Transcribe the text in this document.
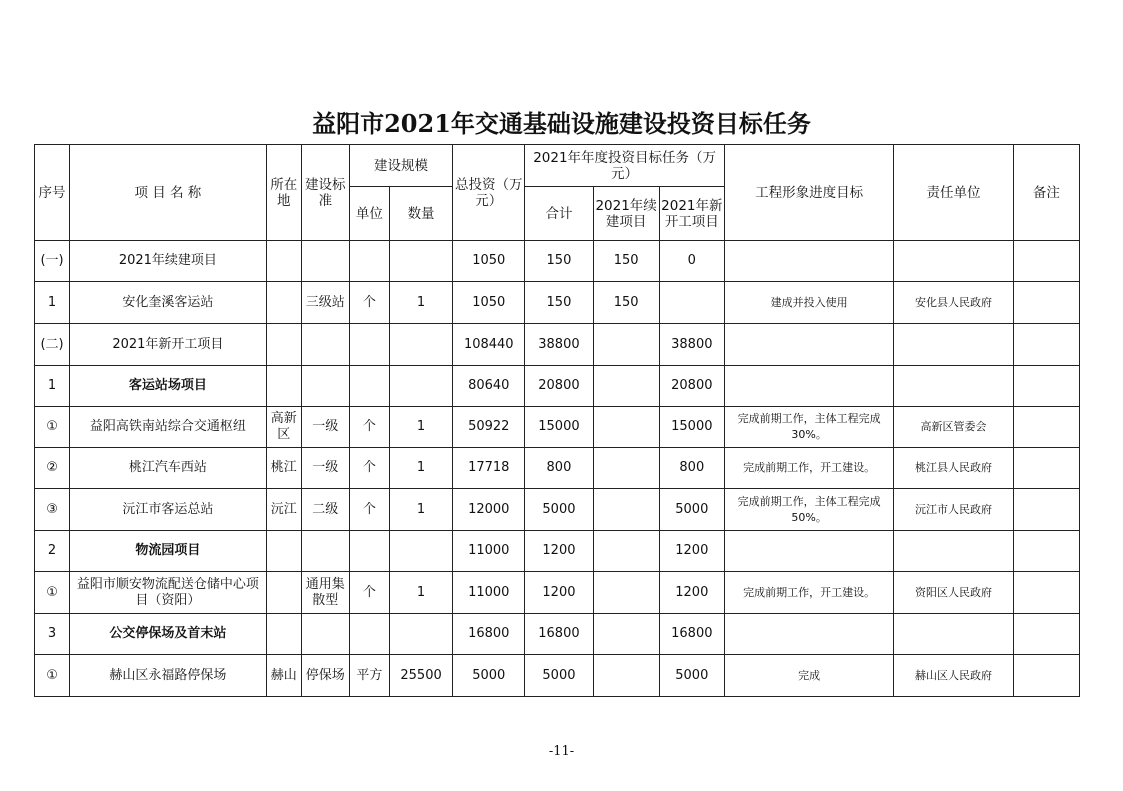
益阳市2021年交通基础设施建设投资目标任务
序号	项 目 名 称	所在地	建设标准	建设规模		总投资（万元）	2021年年度投资目标任务（万元）			工程形象进度目标	责任单位	备注
				单位	数量		合计	2021年续建项目	2021年新开工项目			
(一)	2021年续建项目					1050	150	150	0			
1	安化奎溪客运站		三级站	个	1	1050	150	150		建成并投入使用	安化县人民政府	
(二)	2021年新开工项目					108440	38800		38800			
1	客运站场项目					80640	20800		20800			
①	益阳高铁南站综合交通枢纽	高新区	一级	个	1	50922	15000		15000	完成前期工作，主体工程完成30%。	高新区管委会	
②	桃江汽车西站	桃江	一级	个	1	17718	800		800	完成前期工作，开工建设。	桃江县人民政府	
③	沅江市客运总站	沅江	二级	个	1	12000	5000		5000	完成前期工作，主体工程完成50%。	沅江市人民政府	
2	物流园项目					11000	1200		1200			
①	益阳市顺安物流配送仓储中心项目（资阳）		通用集散型	个	1	11000	1200		1200	完成前期工作，开工建设。	资阳区人民政府	
3	公交停保场及首末站					16800	16800		16800			
①	赫山区永福路停保场	赫山	停保场	平方	25500	5000	5000		5000	完成	赫山区人民政府	
-11-
